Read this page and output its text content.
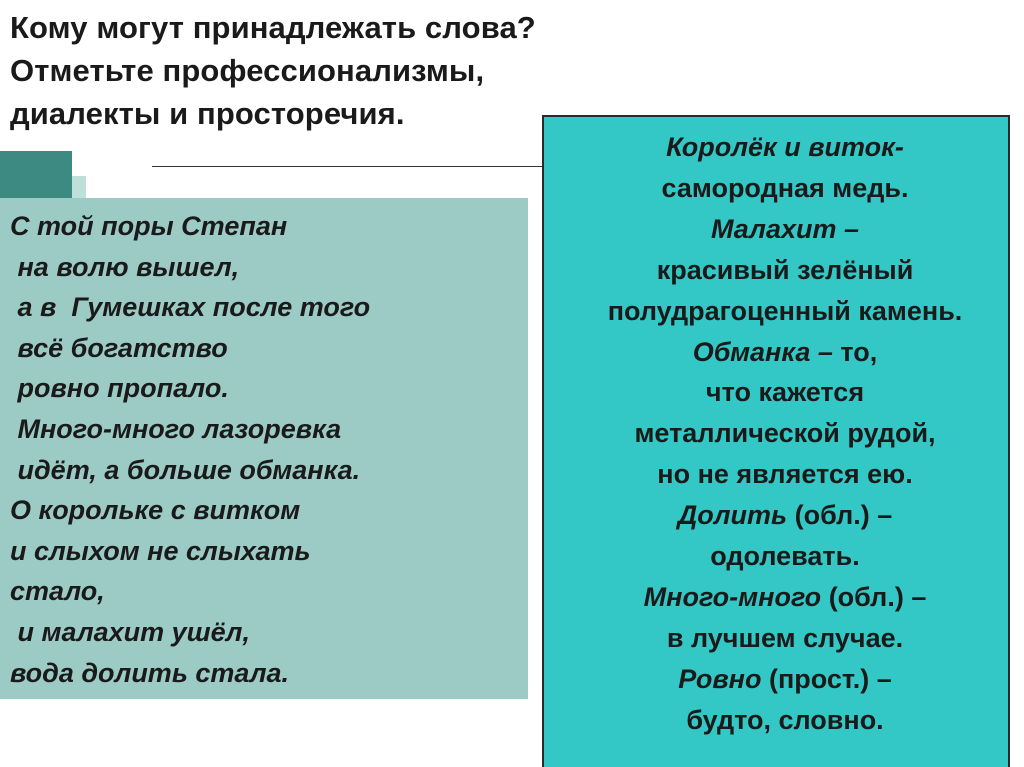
Кому могут принадлежать слова?
Отметьте профессионализмы,
диалекты и просторечия.
С той поры Степан
на волю вышел,
а в  Гумешках после того
всё богатство
ровно пропало.
Много-много лазоревка
идёт, а больше обманка.
О корольке с витком
и слыхом не слыхать
стало,
и малахит ушёл,
вода долить стала.
Королёк и виток-
самородная медь.
Малахит –
красивый зелёный
полудрагоценный камень.
Обманка – то,
что кажется
металлической рудой,
но не является ею.
Долить (обл.) –
одолевать.
Много-много (обл.) –
в лучшем случае.
Ровно (прост.) –
будто, словно.
